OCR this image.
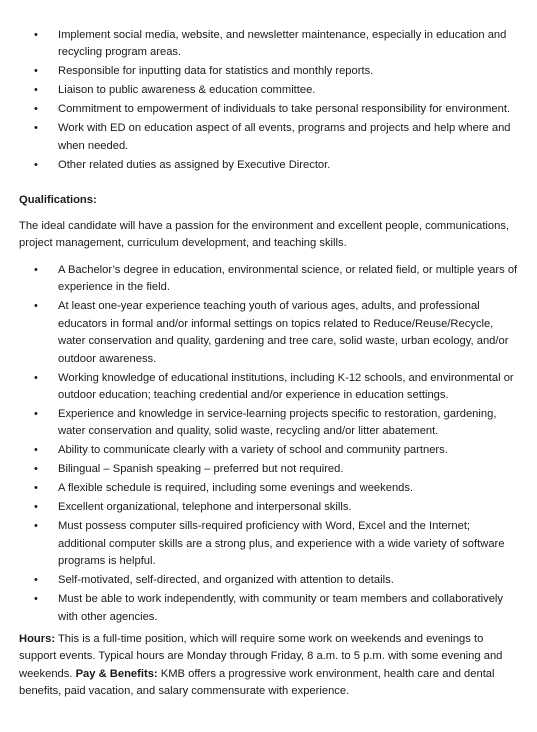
• Implement social media, website, and newsletter maintenance, especially in education and recycling program areas.
• Responsible for inputting data for statistics and monthly reports.
• Liaison to public awareness & education committee.
• Commitment to empowerment of individuals to take personal responsibility for environment.
• Work with ED on education aspect of all events, programs and projects and help where and when needed.
• Other related duties as assigned by Executive Director.

Qualifications:

The ideal candidate will have a passion for the environment and excellent people, communications, project management, curriculum development, and teaching skills.

• A Bachelor’s degree in education, environmental science, or related field, or multiple years of experience in the field.
• At least one-year experience teaching youth of various ages, adults, and professional educators in formal and/or informal settings on topics related to Reduce/Reuse/Recycle, water conservation and quality, gardening and tree care, solid waste, urban ecology, and/or outdoor awareness.
• Working knowledge of educational institutions, including K-12 schools, and environmental or outdoor education; teaching credential and/or experience in education settings.
• Experience and knowledge in service-learning projects specific to restoration, gardening, water conservation and quality, solid waste, recycling and/or litter abatement.
• Ability to communicate clearly with a variety of school and community partners.
• Bilingual – Spanish speaking – preferred but not required.
• A flexible schedule is required, including some evenings and weekends.
• Excellent organizational, telephone and interpersonal skills.
• Must possess computer sills-required proficiency with Word, Excel and the Internet; additional computer skills are a strong plus, and experience with a wide variety of software programs is helpful.
• Self-motivated, self-directed, and organized with attention to details.
• Must be able to work independently, with community or team members and collaboratively with other agencies.

Hours: This is a full-time position, which will require some work on weekends and evenings to support events. Typical hours are Monday through Friday, 8 a.m. to 5 p.m. with some evening and weekends. Pay & Benefits: KMB offers a progressive work environment, health care and dental benefits, paid vacation, and salary commensurate with experience.
